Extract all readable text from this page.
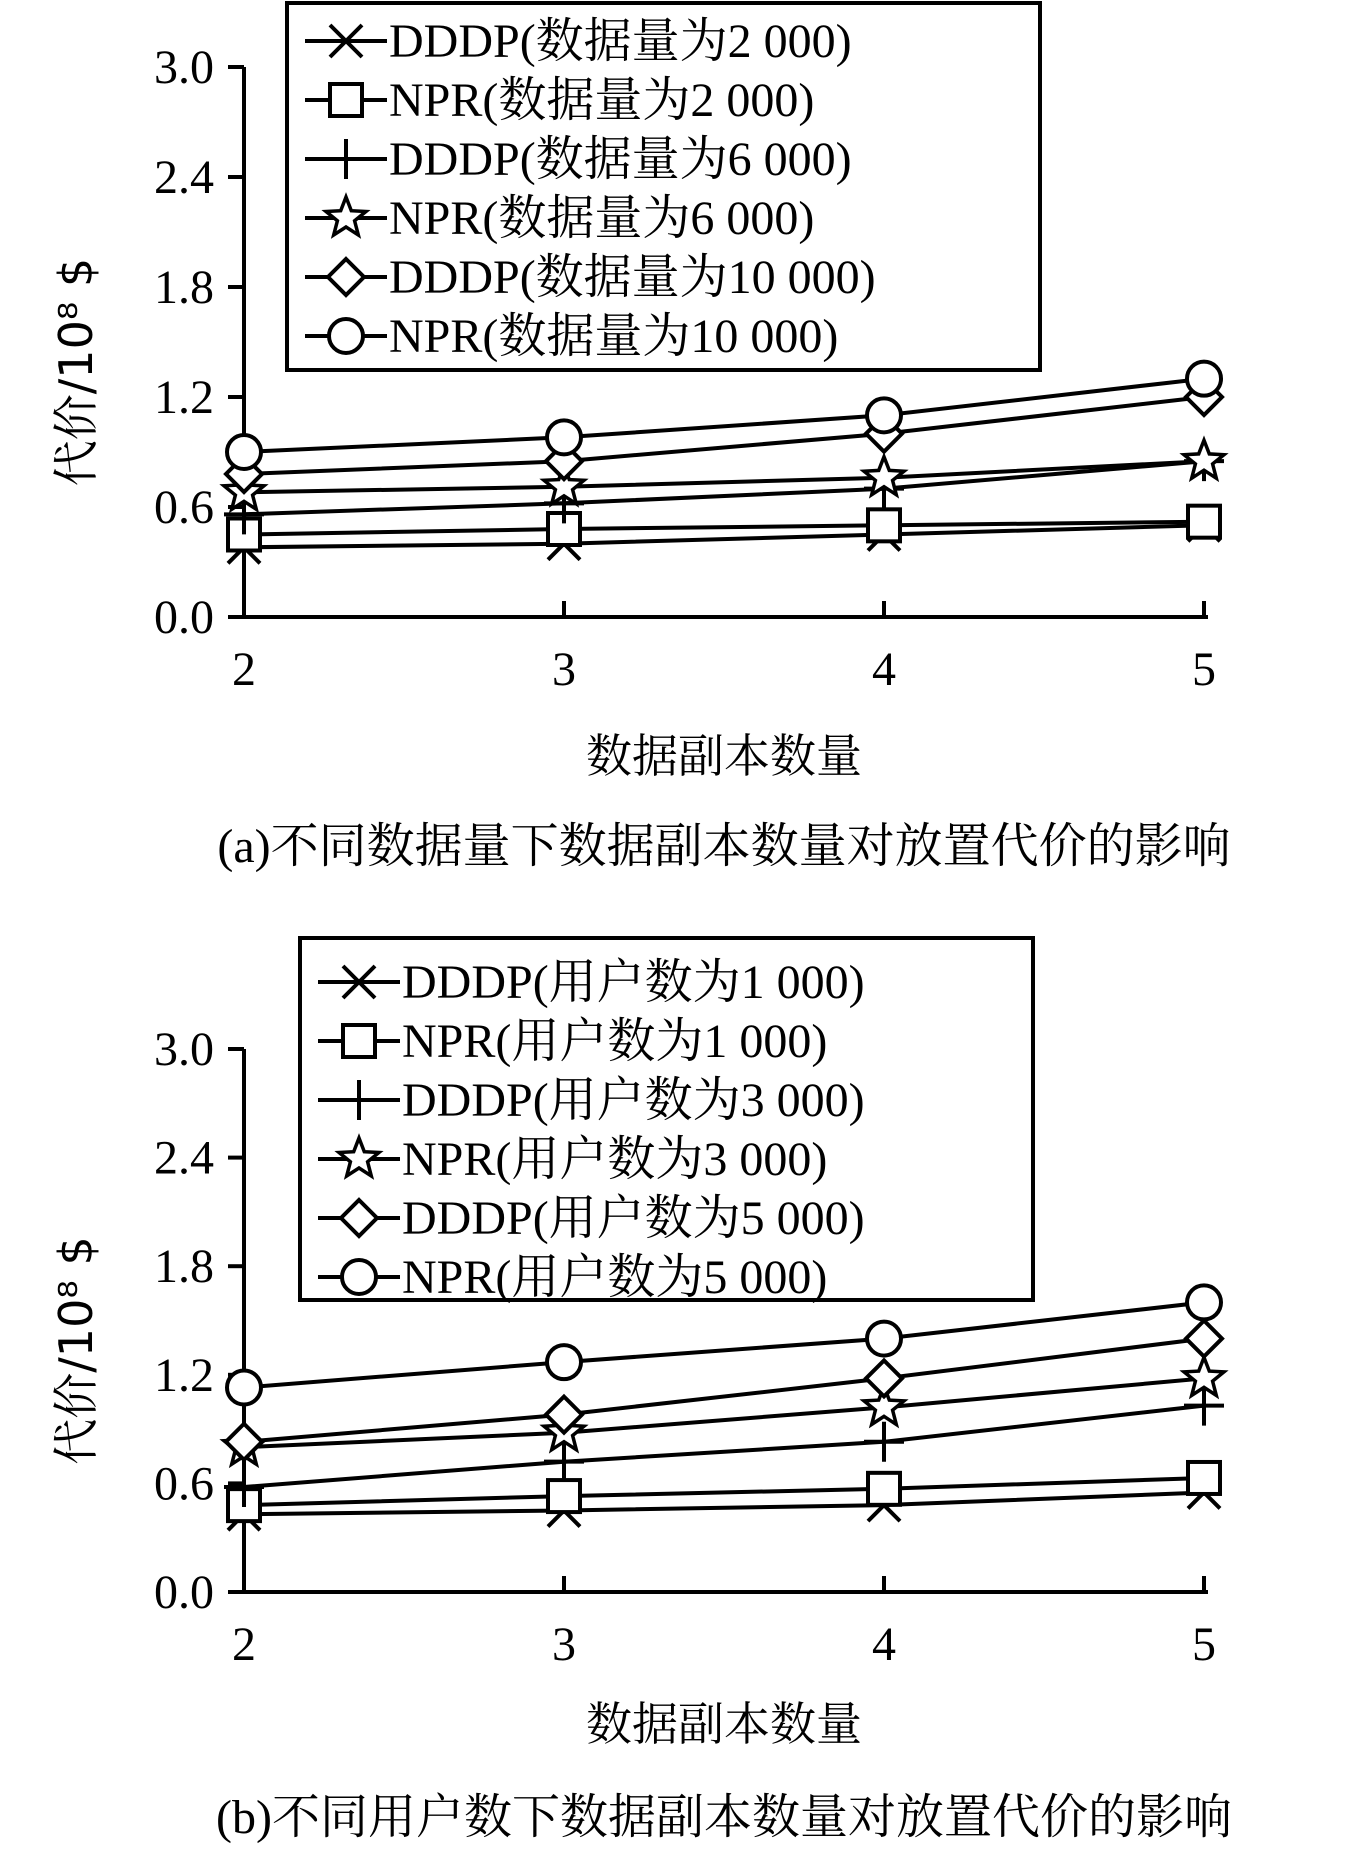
0.0
0.6
1.2
1.8
2.4
3.0
2	3	4	5
数据副本数量
代价/10⁸ $
DDDP(数据量为2 000)
NPR(数据量为2 000)
DDDP(数据量为6 000)
NPR(数据量为6 000)
DDDP(数据量为10 000)
NPR(数据量为10 000)
(a)不同数据量下数据副本数量对放置代价的影响
0.0
0.6
1.2
1.8
2.4
3.0
2	3	4	5
数据副本数量
代价/10⁸ $
DDDP(用户数为1 000)
NPR(用户数为1 000)
DDDP(用户数为3 000)
NPR(用户数为3 000)
DDDP(用户数为5 000)
NPR(用户数为5 000)
(b)不同用户数下数据副本数量对放置代价的影响
